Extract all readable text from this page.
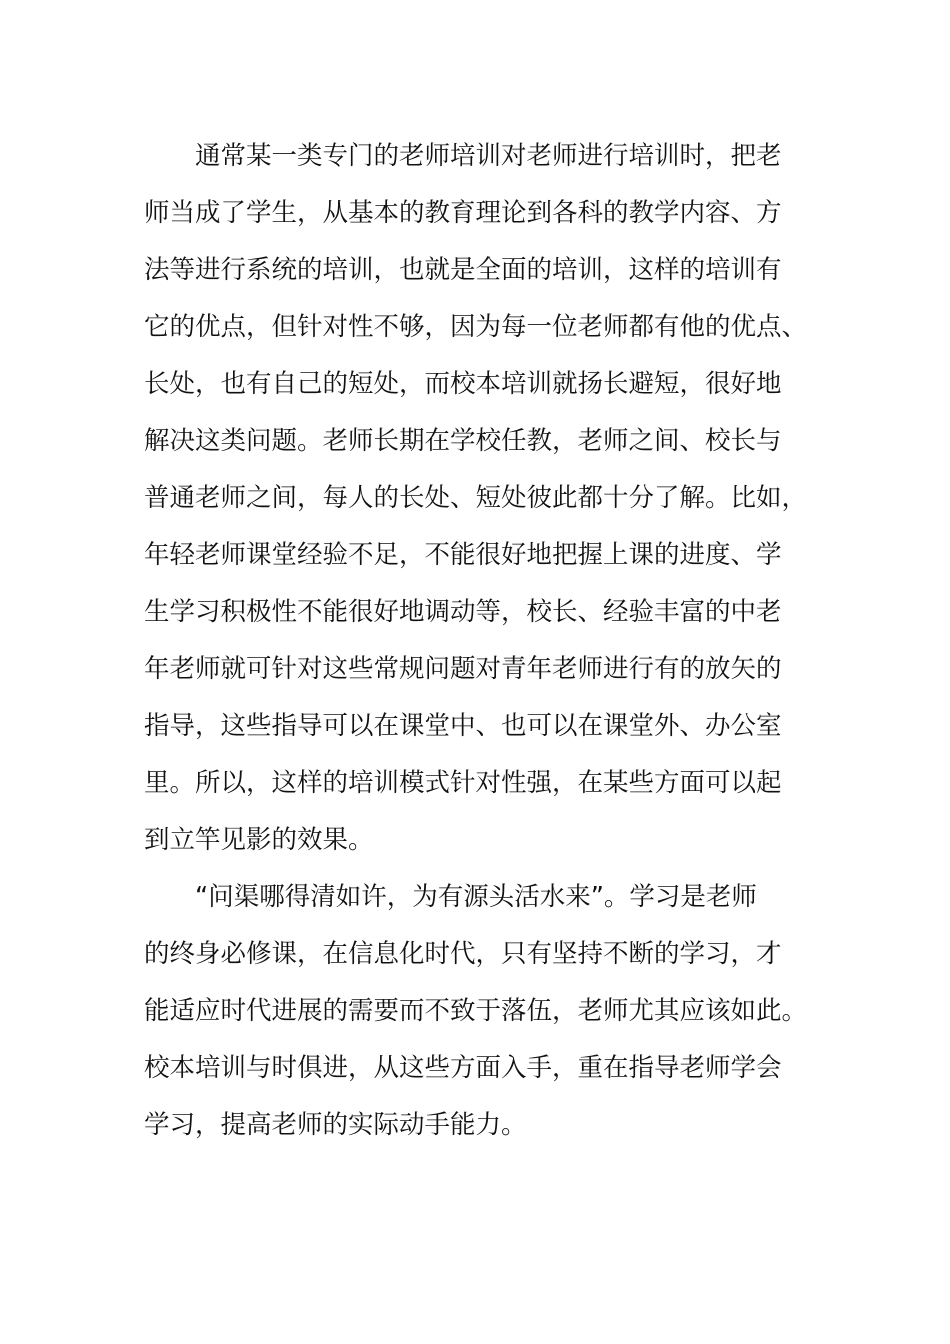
通常某一类专门的老师培训对老师进行培训时，把老
师当成了学生，从基本的教育理论到各科的教学内容、方
法等进行系统的培训，也就是全面的培训，这样的培训有
它的优点，但针对性不够，因为每一位老师都有他的优点、
长处，也有自己的短处，而校本培训就扬长避短，很好地
解决这类问题。老师长期在学校任教，老师之间、校长与
普通老师之间，每人的长处、短处彼此都十分了解。比如，
年轻老师课堂经验不足，不能很好地把握上课的进度、学
生学习积极性不能很好地调动等，校长、经验丰富的中老
年老师就可针对这些常规问题对青年老师进行有的放矢的
指导，这些指导可以在课堂中、也可以在课堂外、办公室
里。所以，这样的培训模式针对性强，在某些方面可以起
到立竿见影的效果。

“问渠哪得清如许，为有源头活水来”。学习是老师
的终身必修课，在信息化时代，只有坚持不断的学习，才
能适应时代进展的需要而不致于落伍，老师尤其应该如此。
校本培训与时俱进，从这些方面入手，重在指导老师学会
学习，提高老师的实际动手能力。
